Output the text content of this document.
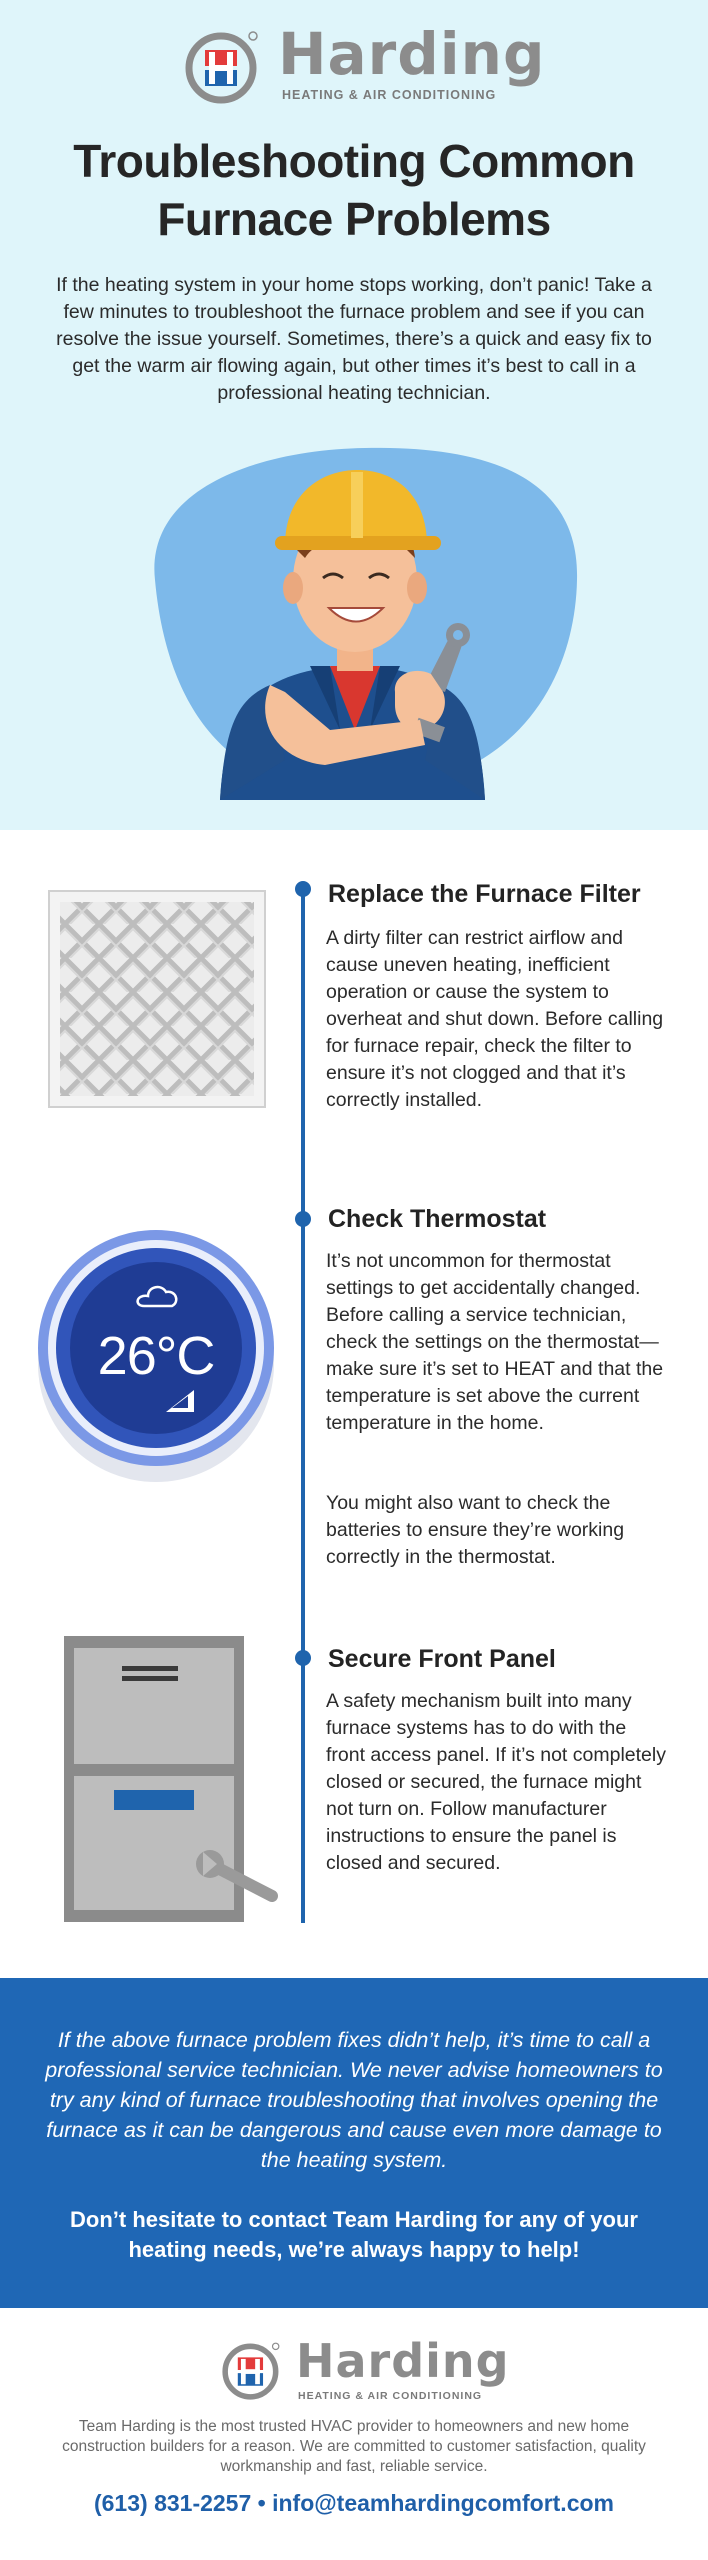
Harding
HEATING & AIR CONDITIONING
Troubleshooting Common
Furnace Problems
If the heating system in your home stops working, don’t panic! Take a few minutes to troubleshoot the furnace problem and see if you can resolve the issue yourself. Sometimes, there’s a quick and easy fix to get the warm air flowing again, but other times it’s best to call in a professional heating technician.
Replace the Furnace Filter
A dirty filter can restrict airflow and cause uneven heating, inefficient operation or cause the system to overheat and shut down. Before calling for furnace repair, check the filter to ensure it’s not clogged and that it’s correctly installed.
26°C
Check Thermostat
It’s not uncommon for thermostat settings to get accidentally changed. Before calling a service technician, check the settings on the thermostat—make sure it’s set to HEAT and that the temperature is set above the current temperature in the home.
You might also want to check the batteries to ensure they’re working correctly in the thermostat.
Secure Front Panel
A safety mechanism built into many furnace systems has to do with the front access panel. If it’s not completely closed or secured, the furnace might not turn on. Follow manufacturer instructions to ensure the panel is closed and secured.
If the above furnace problem fixes didn’t help, it’s time to call a professional service technician. We never advise homeowners to try any kind of furnace troubleshooting that involves opening the furnace as it can be dangerous and cause even more damage to the heating system.
Don’t hesitate to contact Team Harding for any of your heating needs, we’re always happy to help!
Harding
HEATING & AIR CONDITIONING
Team Harding is the most trusted HVAC provider to homeowners and new home construction builders for a reason. We are committed to customer satisfaction, quality workmanship and fast, reliable service.
(613) 831-2257 • info@teamhardingcomfort.com
